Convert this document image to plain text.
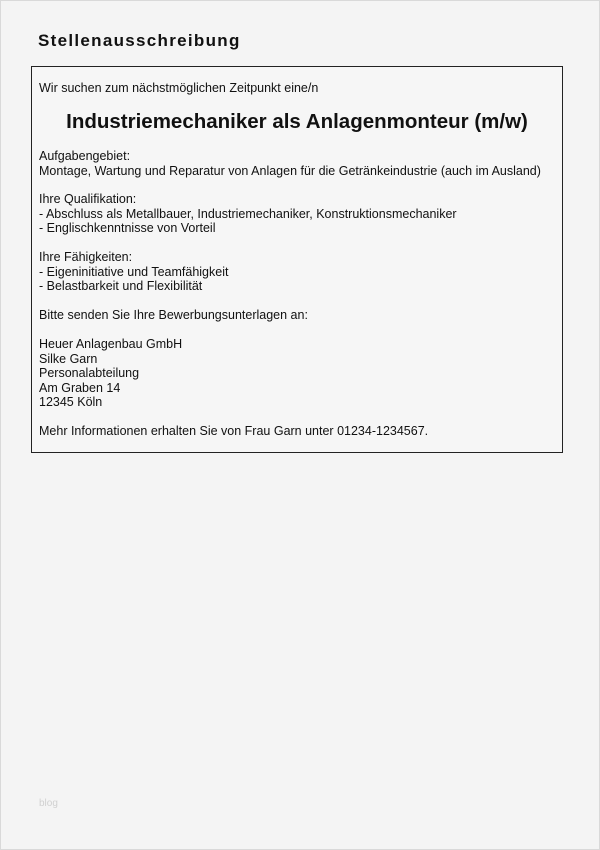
Stellenausschreibung
Wir suchen zum nächstmöglichen Zeitpunkt eine/n
Industriemechaniker als Anlagenmonteur (m/w)

Aufgabengebiet:

Montage, Wartung und Reparatur von Anlagen für die Getränkeindustrie (auch im Ausland)

Ihre Qualifikation:

- Abschluss als Metallbauer, Industriemechaniker, Konstruktionsmechaniker

- Englischkenntnisse von Vorteil

Ihre Fähigkeiten:

- Eigeninitiative und Teamfähigkeit

- Belastbarkeit und Flexibilität

Bitte senden Sie Ihre Bewerbungsunterlagen an:

Heuer Anlagenbau GmbH

Silke Garn

Personalabteilung

Am Graben 14

12345 Köln

Mehr Informationen erhalten Sie von Frau Garn unter 01234-1234567.
blog
